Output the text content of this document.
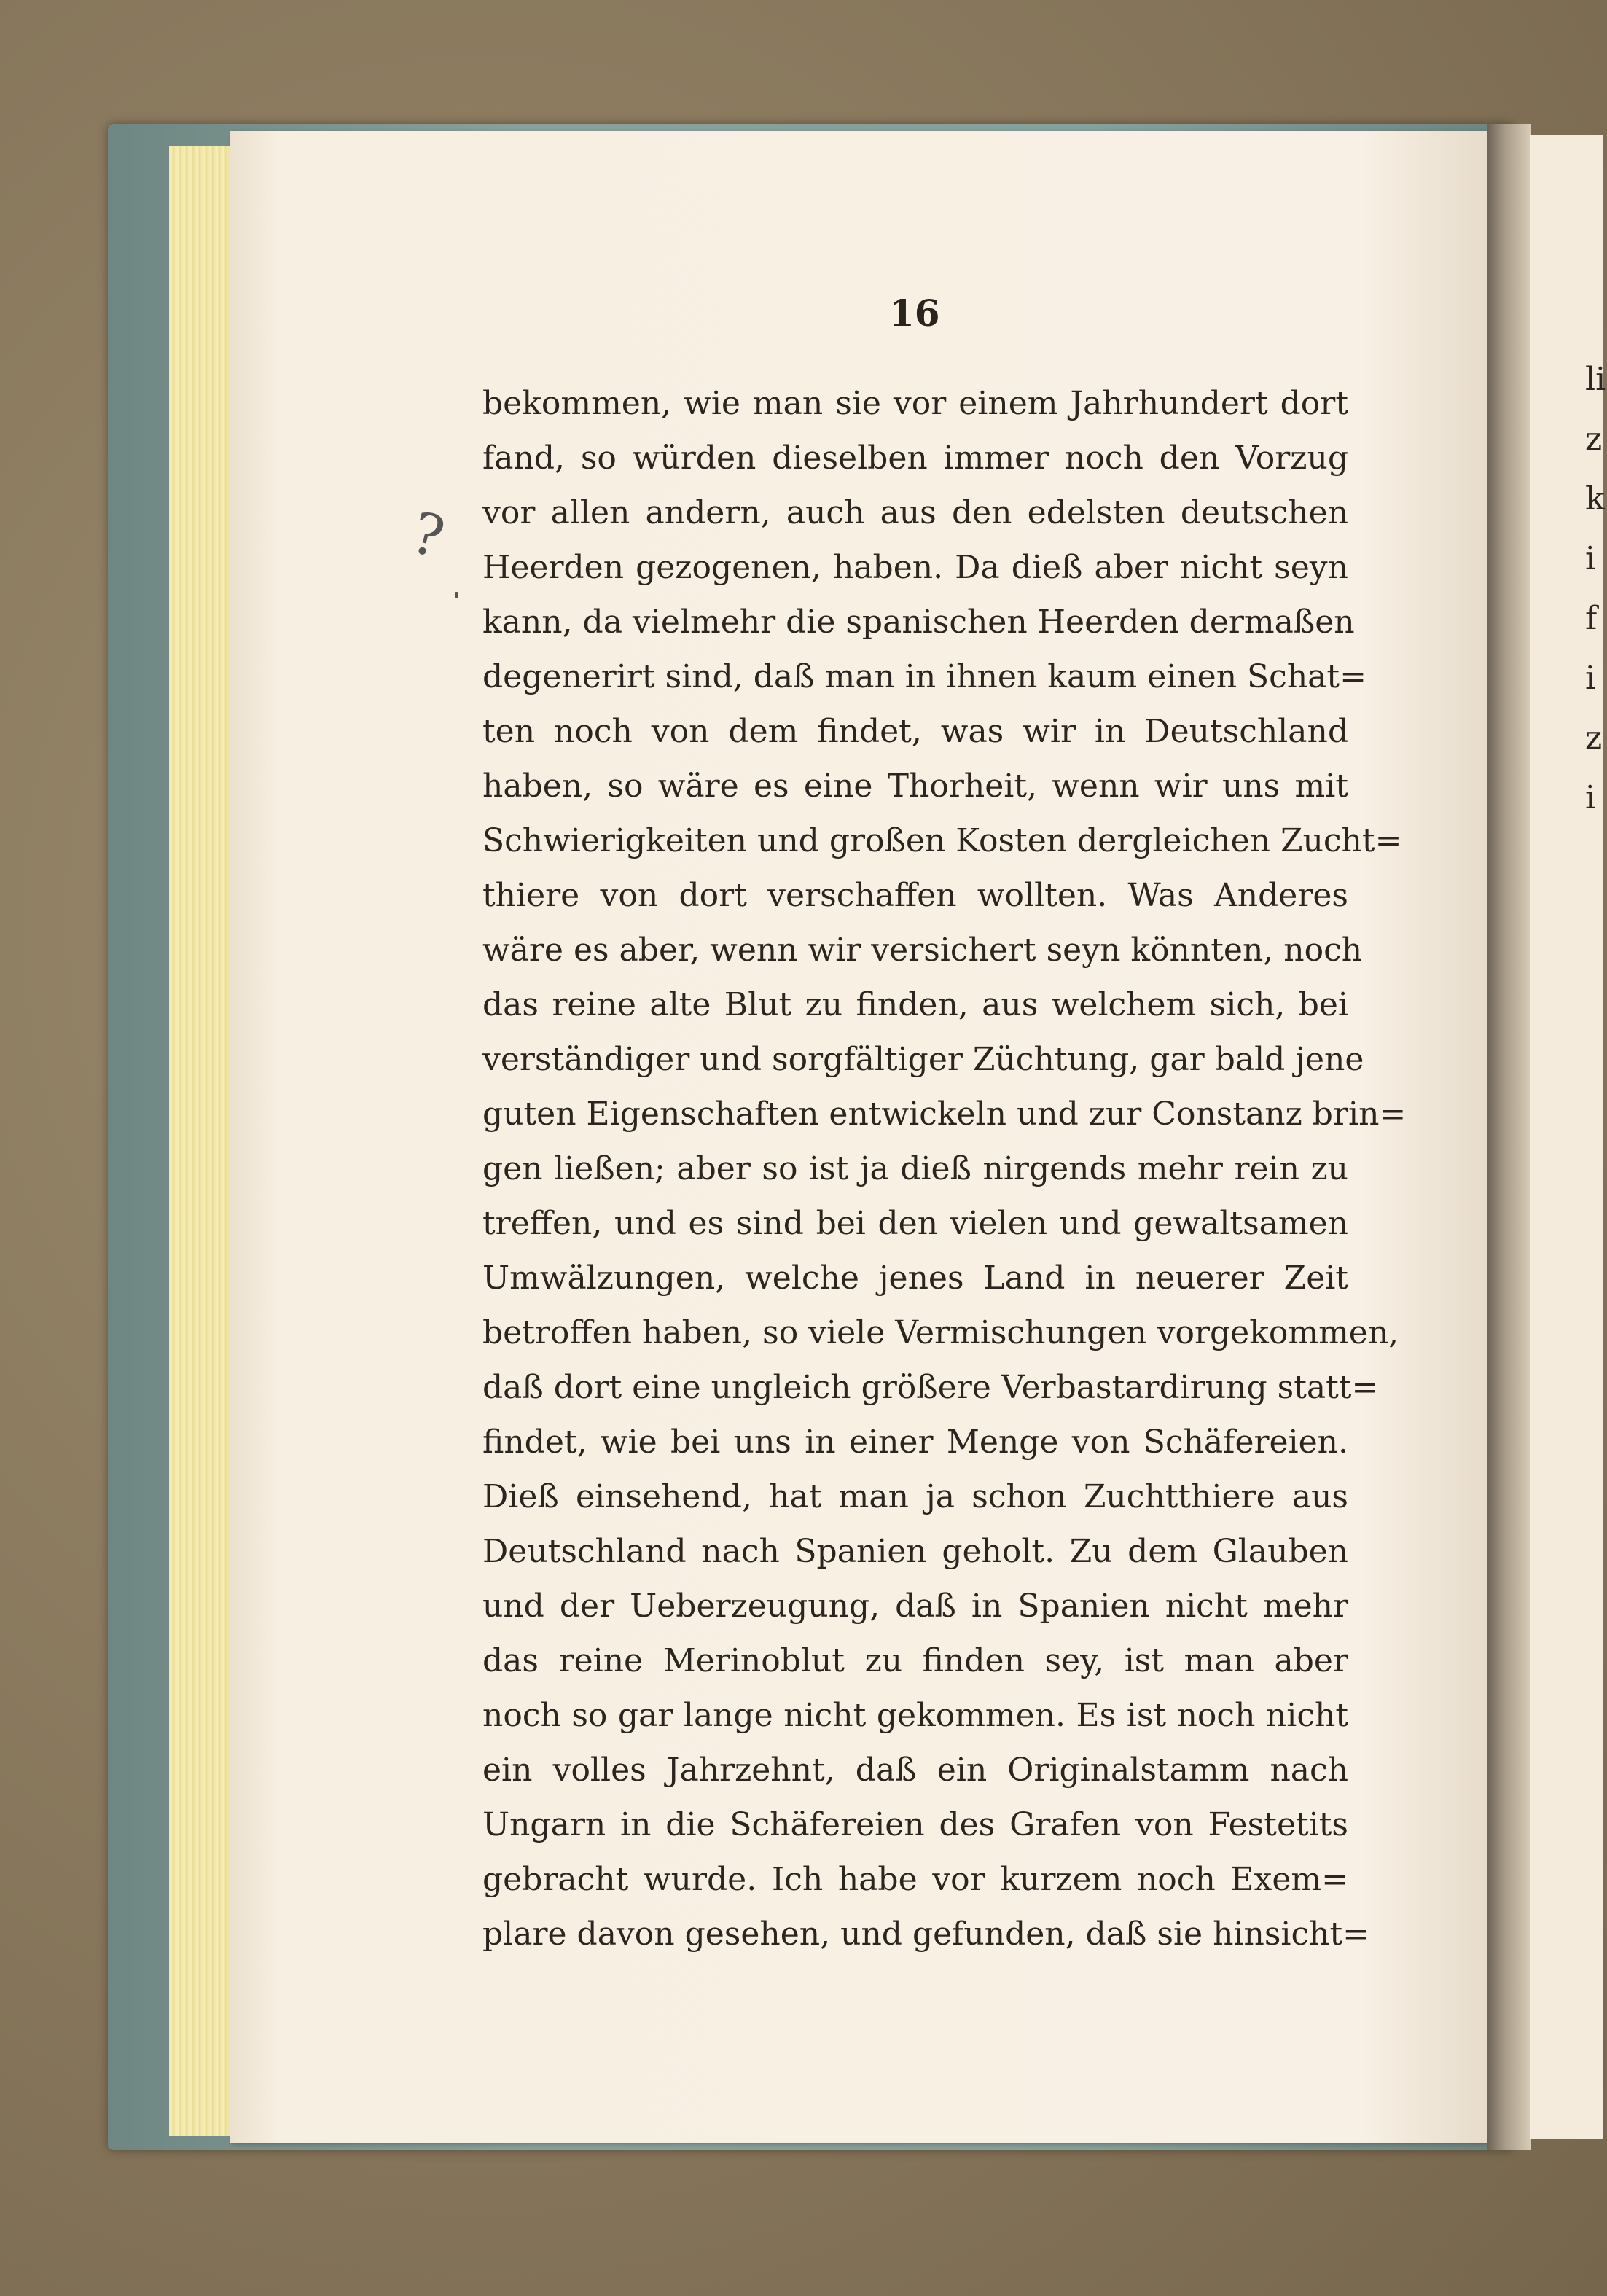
li
z
k
i
f
i
z
i
16
?
bekommen, wie man sie vor einem Jahrhundert dort
fand, so würden dieselben immer noch den Vorzug
vor allen andern, auch aus den edelsten deutschen
Heerden gezogenen, haben. Da dieß aber nicht seyn
kann, da vielmehr die spanischen Heerden dermaßen
degenerirt sind, daß man in ihnen kaum einen Schat=
ten noch von dem findet, was wir in Deutschland
haben, so wäre es eine Thorheit, wenn wir uns mit
Schwierigkeiten und großen Kosten dergleichen Zucht=
thiere von dort verschaffen wollten. Was Anderes
wäre es aber, wenn wir versichert seyn könnten, noch
das reine alte Blut zu finden, aus welchem sich, bei
verständiger und sorgfältiger Züchtung, gar bald jene
guten Eigenschaften entwickeln und zur Constanz brin=
gen ließen; aber so ist ja dieß nirgends mehr rein zu
treffen, und es sind bei den vielen und gewaltsamen
Umwälzungen, welche jenes Land in neuerer Zeit
betroffen haben, so viele Vermischungen vorgekommen,
daß dort eine ungleich größere Verbastardirung statt=
findet, wie bei uns in einer Menge von Schäfereien.
Dieß einsehend, hat man ja schon Zuchtthiere aus
Deutschland nach Spanien geholt. Zu dem Glauben
und der Ueberzeugung, daß in Spanien nicht mehr
das reine Merinoblut zu finden sey, ist man aber
noch so gar lange nicht gekommen. Es ist noch nicht
ein volles Jahrzehnt, daß ein Originalstamm nach
Ungarn in die Schäfereien des Grafen von Festetits
gebracht wurde. Ich habe vor kurzem noch Exem=
plare davon gesehen, und gefunden, daß sie hinsicht=
